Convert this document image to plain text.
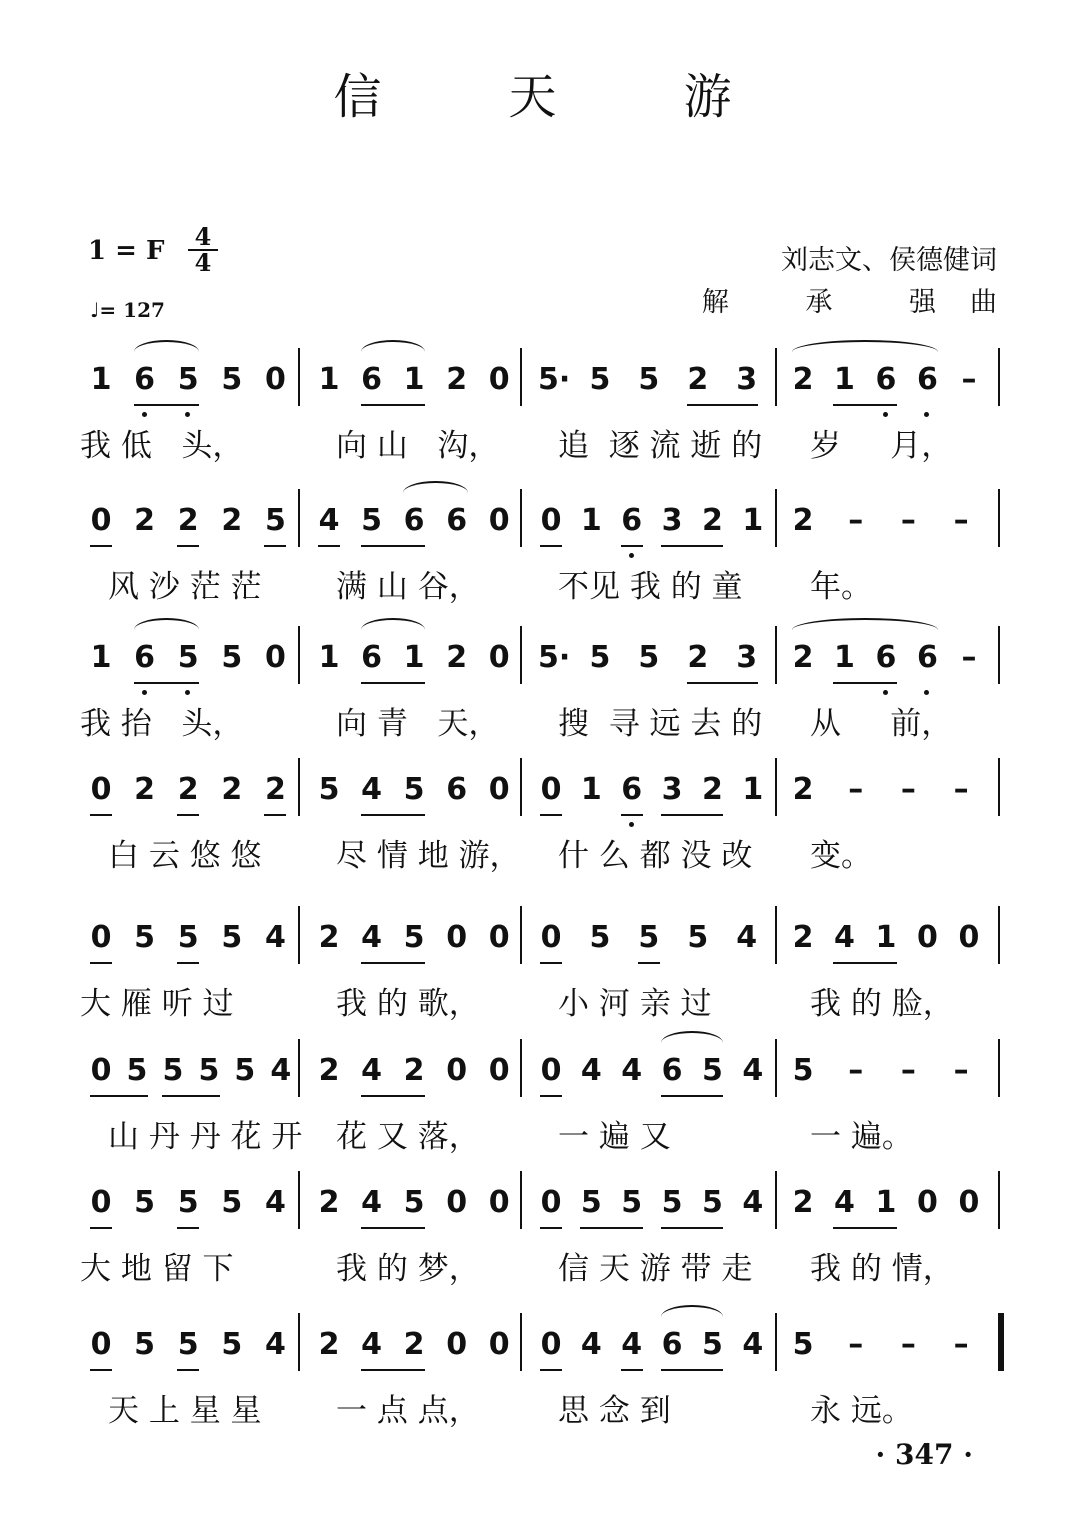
信	天	游
1 = F 4
4
♩= 127
刘志文、侯德健词
解 承 强曲
1 6 5 5 0 1 6 1 2 0 5· 5 5 2 3 2 1 6 6 –
我 低   头，	向 山   沟， 追  逐 流 逝 的 岁     月，
0 2 2 2 5 4 5 6 6 0 0 1 6 3 2 1 2 – – –
风 沙 茫 茫 满 山 谷，	不见 我 的 童 年。
1 6 5 5 0 1 6 1 2 0 5· 5 5 2 3 2 1 6 6 –
我 抬   头，	向 青   天， 搜  寻 远 去 的 从     前，
0 2 2 2 2 5 4 5 6 0 0 1 6 3 2 1 2 – – –
白 云 悠 悠 尽 情 地 游， 什 么 都 没 改 变。
0 5 5 5 4 2 4 5 0 0 0 5 5 5 4 2 4 1 0 0
大 雁 听 过	我 的 歌，	小 河 亲 过	我 的 脸，
0 5 5 5 5 4 2 4 2 0 0 0 4 4 6 5 4 5 – – –
山 丹 丹 花 开 花 又 落，	一 遍 又	一 遍。
0 5 5 5 4 2 4 5 0 0 0 5 5 5 5 4 2 4 1 0 0
大 地 留 下	我 的 梦，	信 天 游 带 走 我 的 情，
0 5 5 5 4 2 4 2 0 0 0 4 4 6 5 4 5 – – –
天 上 星 星 一 点 点，	思 念 到	永 远。
· 347 ·
